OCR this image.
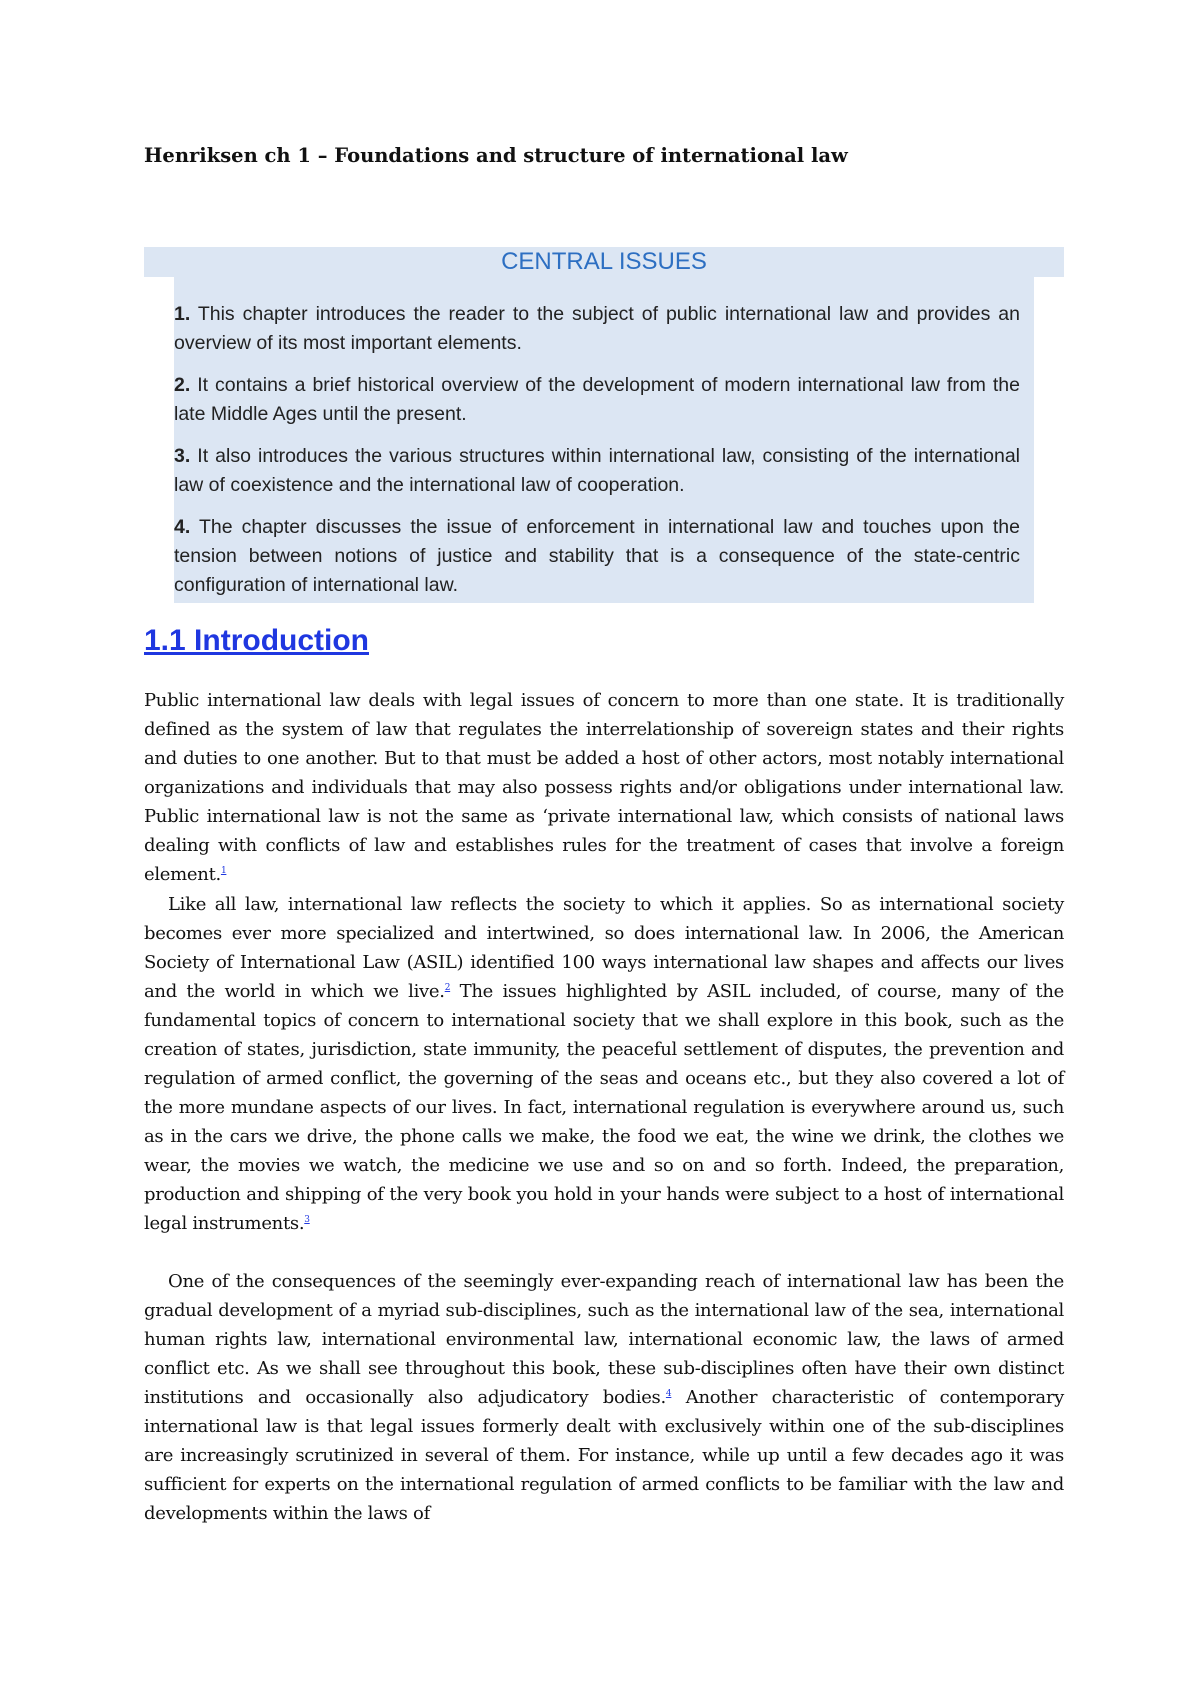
Henriksen ch 1 – Foundations and structure of international law
CENTRAL ISSUES

1. This chapter introduces the reader to the subject of public international law and provides an overview of its most important elements.

2. It contains a brief historical overview of the development of modern international law from the late Middle Ages until the present.

3. It also introduces the various structures within international law, consisting of the international law of coexistence and the international law of cooperation.

4. The chapter discusses the issue of enforcement in international law and touches upon the tension between notions of justice and stability that is a consequence of the state-centric configuration of international law.

1.1 Introduction

Public international law deals with legal issues of concern to more than one state. It is traditionally defined as the system of law that regulates the interrelationship of sovereign states and their rights and duties to one another. But to that must be added a host of other actors, most notably international organizations and individuals that may also possess rights and/or obligations under international law. Public international law is not the same as ‘private international law, which consists of national laws dealing with conflicts of law and establishes rules for the treatment of cases that involve a foreign element.$^1$

Like all law, international law reflects the society to which it applies. So as international society becomes ever more specialized and intertwined, so does international law. In 2006, the American Society of International Law (ASIL) identified 100 ways international law shapes and affects our lives and the world in which we live.$^2$ The issues highlighted by ASIL included, of course, many of the fundamental topics of concern to international society that we shall explore in this book, such as the creation of states, jurisdiction, state immunity, the peaceful settlement of disputes, the prevention and regulation of armed conflict, the governing of the seas and oceans etc., but they also covered a lot of the more mundane aspects of our lives. In fact, international regulation is everywhere around us, such as in the cars we drive, the phone calls we make, the food we eat, the wine we drink, the clothes we wear, the movies we watch, the medicine we use and so on and so forth. Indeed, the preparation, production and shipping of the very book you hold in your hands were subject to a host of international legal instruments.$^3$

One of the consequences of the seemingly ever-expanding reach of international law has been the gradual development of a myriad sub-disciplines, such as the international law of the sea, international human rights law, international environmental law, international economic law, the laws of armed conflict etc. As we shall see throughout this book, these sub-disciplines often have their own distinct institutions and occasionally also adjudicatory bodies.$^4$ Another characteristic of contemporary international law is that legal issues formerly dealt with exclusively within one of the sub-disciplines are increasingly scrutinized in several of them. For instance, while up until a few decades ago it was sufficient for experts on the international regulation of armed conflicts to be familiar with the law and developments within the laws of
